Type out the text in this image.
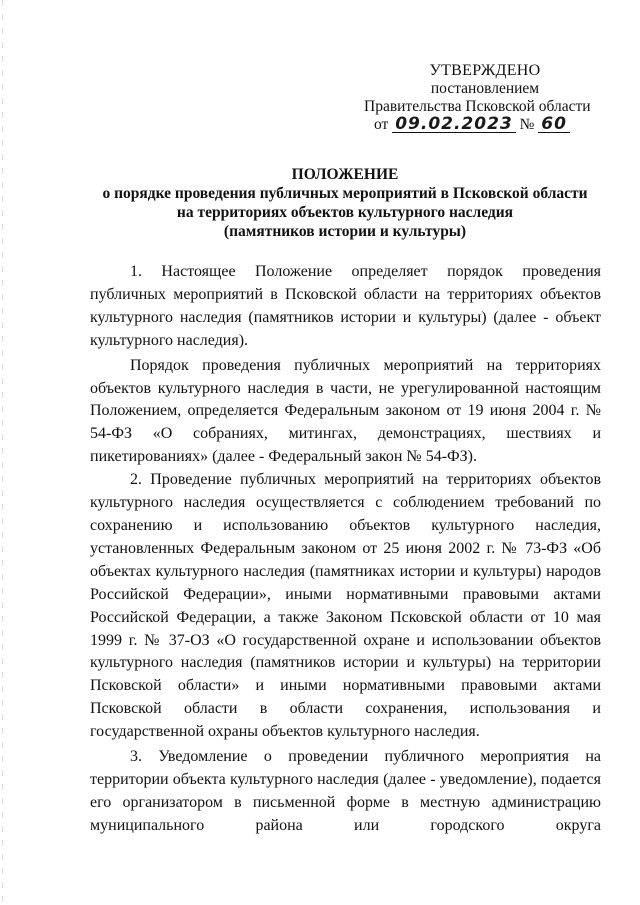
УТВЕРЖДЕНО
постановлением
Правительства Псковской области
от 09.02.2023 № 60
ПОЛОЖЕНИЕ
о порядке проведения публичных мероприятий в Псковской области
на территориях объектов культурного наследия
(памятников истории и культуры)

1. Настоящее Положение определяет порядок проведения публичных мероприятий в Псковской области на территориях объектов культурного наследия (памятников истории и культуры) (далее - объект культурного наследия).

Порядок проведения публичных мероприятий на территориях объектов культурного наследия в части, не урегулированной настоящим Положением, определяется Федеральным законом от 19 июня 2004 г. № 54-ФЗ «О собраниях, митингах, демонстрациях, шествиях и пикетированиях» (далее - Федеральный закон № 54-ФЗ).

2. Проведение публичных мероприятий на территориях объектов культурного наследия осуществляется с соблюдением требований по сохранению и использованию объектов культурного наследия, установленных Федеральным законом от 25 июня 2002 г. № 73-ФЗ «Об объектах культурного наследия (памятниках истории и культуры) народов Российской Федерации», иными нормативными правовыми актами Российской Федерации, а также Законом Псковской области от 10 мая 1999 г. № 37-ОЗ «О государственной охране и использовании объектов культурного наследия (памятников истории и культуры) на территории Псковской области» и иными нормативными правовыми актами Псковской области в области сохранения, использования и государственной охраны объектов культурного наследия.

3. Уведомление о проведении публичного мероприятия на территории объекта культурного наследия (далее - уведомление), подается его организатором в письменной форме в местную администрацию муниципального района или городского округа
